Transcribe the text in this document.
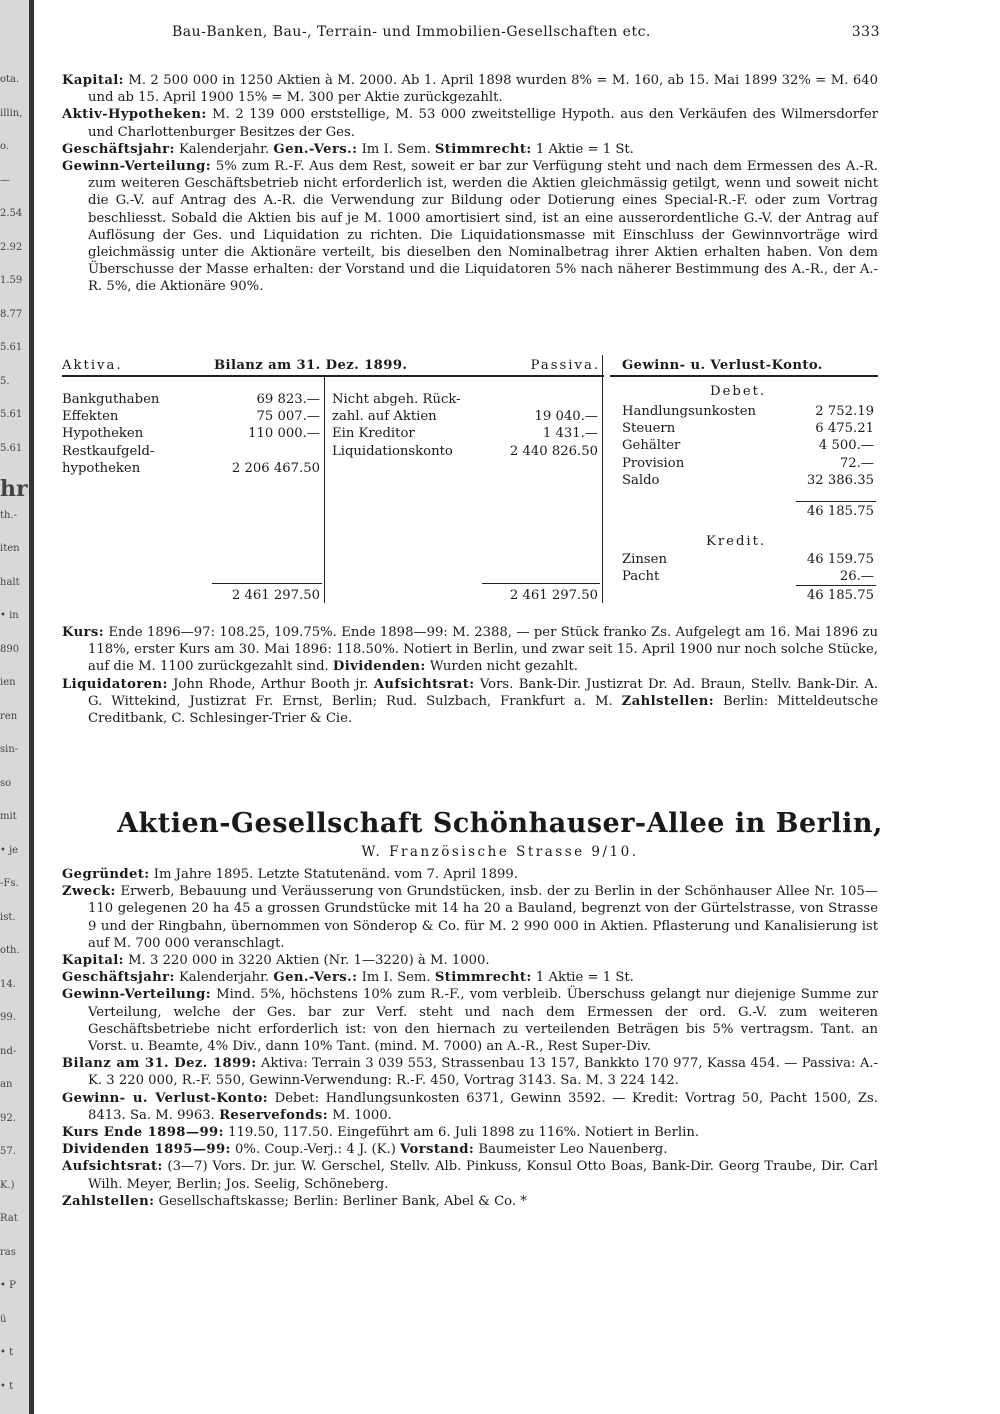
ota.
illin,
o.
—
2.54
2.92
1.59
8.77
5.61
5.
5.61
5.61
hr
th.-
iten
halt
• in
890
ien
ren
sin-
so
mit
• je
-Fs.
ist.
oth.
14.
99.
nd-
an
92.
57.
K.)
Rat
ras
• P
ü
• t
• t
Bau-Banken, Bau-, Terrain- und Immobilien-Gesellschaften etc.	333

Kapital: M. 2 500 000 in 1250 Aktien à M. 2000. Ab 1. April 1898 wurden 8% = M. 160, ab 15. Mai 1899 32% = M. 640 und ab 15. April 1900 15% = M. 300 per Aktie zurückgezahlt.

Aktiv-Hypotheken: M. 2 139 000 erststellige, M. 53 000 zweitstellige Hypoth. aus den Verkäufen des Wilmersdorfer und Charlottenburger Besitzes der Ges.

Geschäftsjahr: Kalenderjahr. Gen.-Vers.: Im I. Sem. Stimmrecht: 1 Aktie = 1 St.

Gewinn-Verteilung: 5% zum R.-F. Aus dem Rest, soweit er bar zur Verfügung steht und nach dem Ermessen des A.-R. zum weiteren Geschäftsbetrieb nicht erforderlich ist, werden die Aktien gleichmässig getilgt, wenn und soweit nicht die G.-V. auf Antrag des A.-R. die Verwendung zur Bildung oder Dotierung eines Special-R.-F. oder zum Vortrag beschliesst. Sobald die Aktien bis auf je M. 1000 amortisiert sind, ist an eine ausserordentliche G.-V. der Antrag auf Auflösung der Ges. und Liquidation zu richten. Die Liquidationsmasse mit Einschluss der Gewinnvorträge wird gleichmässig unter die Aktionäre verteilt, bis dieselben den Nominalbetrag ihrer Aktien erhalten haben. Von dem Überschusse der Masse erhalten: der Vorstand und die Liquidatoren 5% nach näherer Bestimmung des A.-R., der A.-R. 5%, die Aktionäre 90%.

Aktiva.	Bilanz am 31. Dez. 1899.	Passiva.
Bankguthaben	69 823.—
Effekten	75 007.—
Hypotheken	110 000.—
Restkaufgeld-
hypotheken	2 206 467.50
Nicht abgeh. Rück-
zahl. auf Aktien	19 040.—
Ein Kreditor	1 431.—
Liquidationskonto	2 440 826.50
2 461 297.50	2 461 297.50
Gewinn- u. Verlust-Konto.
Debet.
Handlungsunkosten	2 752.19
Steuern	6 475.21
Gehälter	4 500.—
Provision	72.—
Saldo	32 386.35
46 185.75
Kredit.
Zinsen	46 159.75
Pacht	26.—
46 185.75

Kurs: Ende 1896—97: 108.25, 109.75%. Ende 1898—99: M. 2388, — per Stück franko Zs. Aufgelegt am 16. Mai 1896 zu 118%, erster Kurs am 30. Mai 1896: 118.50%. Notiert in Berlin, und zwar seit 15. April 1900 nur noch solche Stücke, auf die M. 1100 zurückgezahlt sind. Dividenden: Wurden nicht gezahlt.

Liquidatoren: John Rhode, Arthur Booth jr. Aufsichtsrat: Vors. Bank-Dir. Justizrat Dr. Ad. Braun, Stellv. Bank-Dir. A. G. Wittekind, Justizrat Fr. Ernst, Berlin; Rud. Sulzbach, Frankfurt a. M. Zahlstellen: Berlin: Mitteldeutsche Creditbank, C. Schlesinger-Trier & Cie.

Aktien-Gesellschaft Schönhauser-Allee in Berlin,
W. Französische Strasse 9/10.

Gegründet: Im Jahre 1895. Letzte Statutenänd. vom 7. April 1899.

Zweck: Erwerb, Bebauung und Veräusserung von Grundstücken, insb. der zu Berlin in der Schönhauser Allee Nr. 105—110 gelegenen 20 ha 45 a grossen Grundstücke mit 14 ha 20 a Bauland, begrenzt von der Gürtelstrasse, von Strasse 9 und der Ringbahn, übernommen von Sönderop & Co. für M. 2 990 000 in Aktien. Pflasterung und Kanalisierung ist auf M. 700 000 veranschlagt.

Kapital: M. 3 220 000 in 3220 Aktien (Nr. 1—3220) à M. 1000.

Geschäftsjahr: Kalenderjahr. Gen.-Vers.: Im I. Sem. Stimmrecht: 1 Aktie = 1 St.

Gewinn-Verteilung: Mind. 5%, höchstens 10% zum R.-F., vom verbleib. Überschuss gelangt nur diejenige Summe zur Verteilung, welche der Ges. bar zur Verf. steht und nach dem Ermessen der ord. G.-V. zum weiteren Geschäftsbetriebe nicht erforderlich ist: von den hiernach zu verteilenden Beträgen bis 5% vertragsm. Tant. an Vorst. u. Beamte, 4% Div., dann 10% Tant. (mind. M. 7000) an A.-R., Rest Super-Div.

Bilanz am 31. Dez. 1899: Aktiva: Terrain 3 039 553, Strassenbau 13 157, Bankkto 170 977, Kassa 454. — Passiva: A.-K. 3 220 000, R.-F. 550, Gewinn-Verwendung: R.-F. 450, Vortrag 3143. Sa. M. 3 224 142.

Gewinn- u. Verlust-Konto: Debet: Handlungsunkosten 6371, Gewinn 3592. — Kredit: Vortrag 50, Pacht 1500, Zs. 8413. Sa. M. 9963. Reservefonds: M. 1000.

Kurs Ende 1898—99: 119.50, 117.50. Eingeführt am 6. Juli 1898 zu 116%. Notiert in Berlin.

Dividenden 1895—99: 0%. Coup.-Verj.: 4 J. (K.) Vorstand: Baumeister Leo Nauenberg.

Aufsichtsrat: (3—7) Vors. Dr. jur. W. Gerschel, Stellv. Alb. Pinkuss, Konsul Otto Boas, Bank-Dir. Georg Traube, Dir. Carl Wilh. Meyer, Berlin; Jos. Seelig, Schöneberg.

Zahlstellen: Gesellschaftskasse; Berlin: Berliner Bank, Abel & Co. *
